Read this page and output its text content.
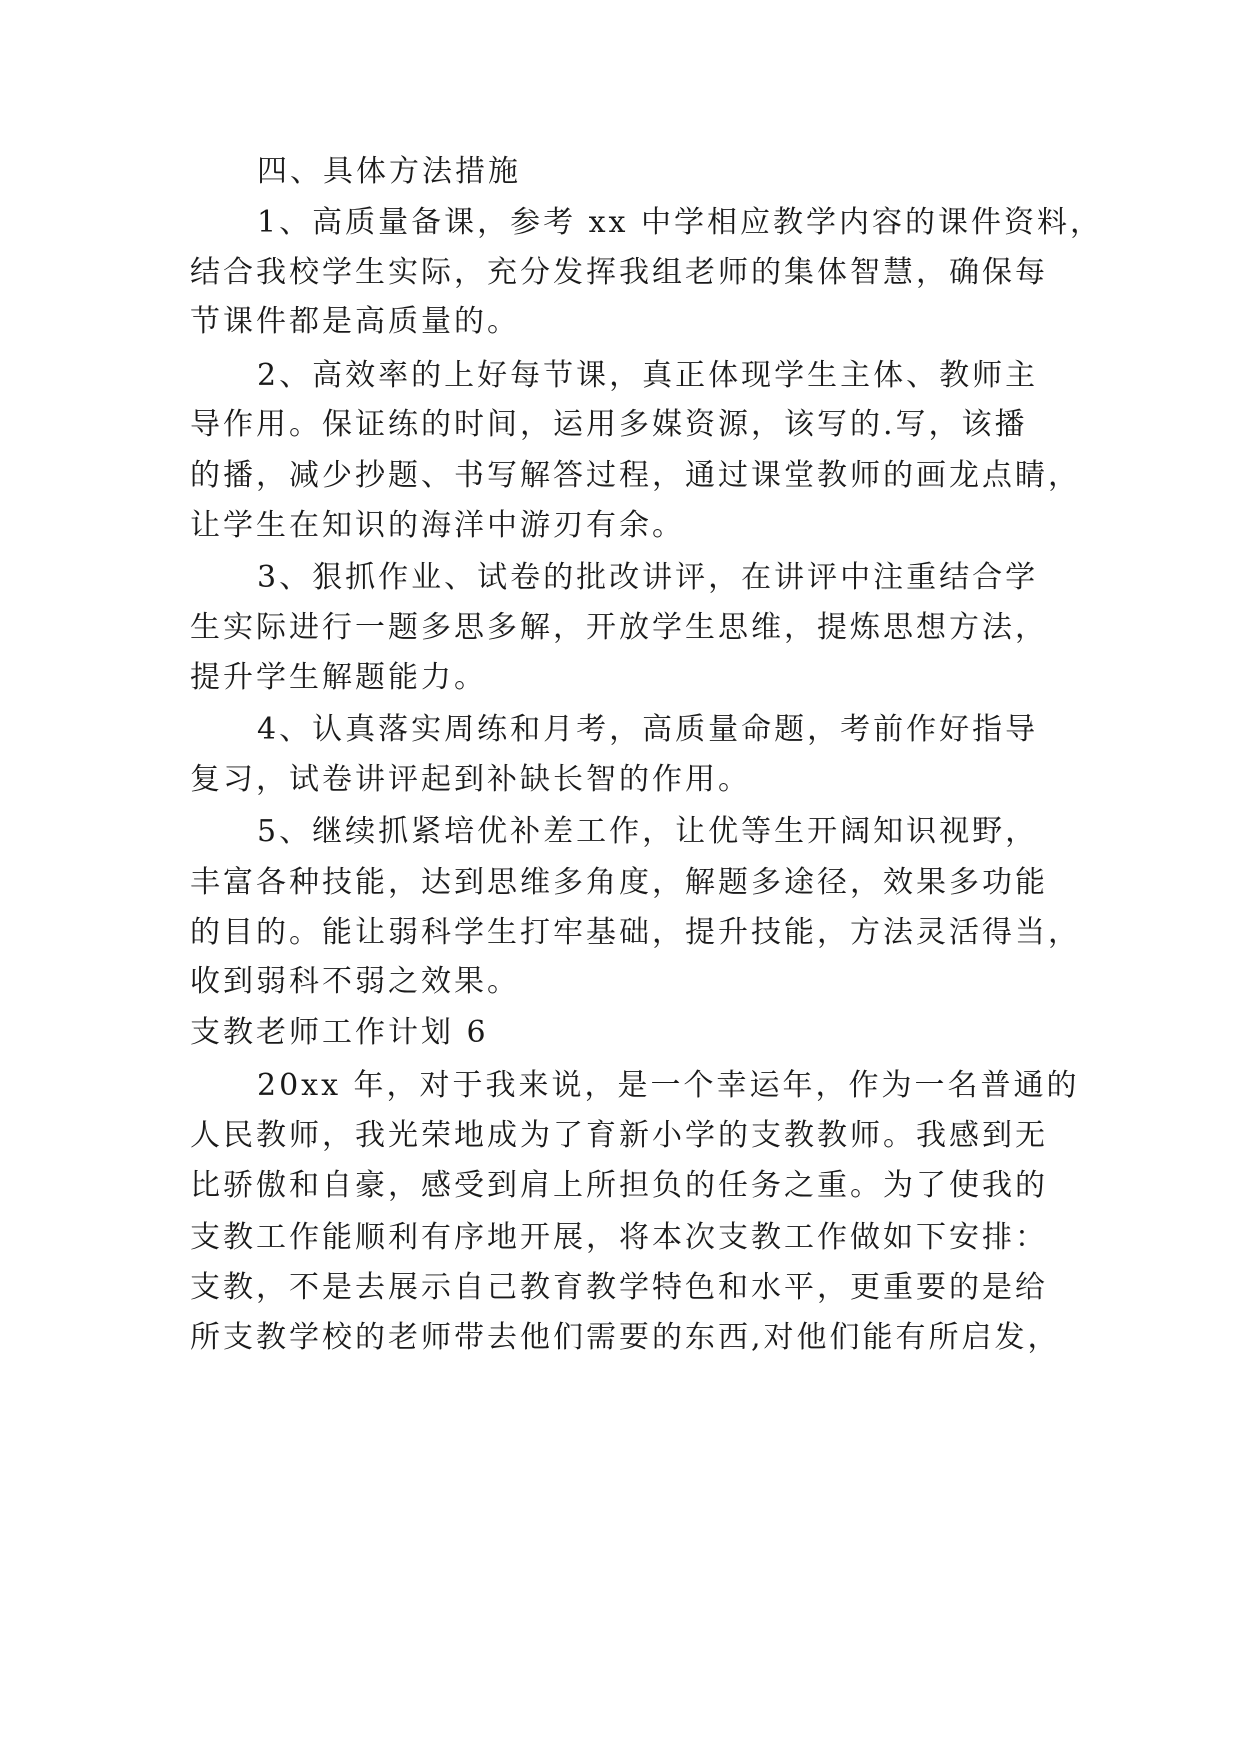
四、具体方法措施
1、高质量备课，参考 xx 中学相应教学内容的课件资料，
结合我校学生实际，充分发挥我组老师的集体智慧，确保每
节课件都是高质量的。
2、高效率的上好每节课，真正体现学生主体、教师主
导作用。保证练的时间，运用多媒资源，该写的.写，该播
的播，减少抄题、书写解答过程，通过课堂教师的画龙点睛，
让学生在知识的海洋中游刃有余。
3、狠抓作业、试卷的批改讲评，在讲评中注重结合学
生实际进行一题多思多解，开放学生思维，提炼思想方法，
提升学生解题能力。
4、认真落实周练和月考，高质量命题，考前作好指导
复习，试卷讲评起到补缺长智的作用。
5、继续抓紧培优补差工作，让优等生开阔知识视野，
丰富各种技能，达到思维多角度，解题多途径，效果多功能
的目的。能让弱科学生打牢基础，提升技能，方法灵活得当，
收到弱科不弱之效果。
支教老师工作计划 6
20xx 年，对于我来说，是一个幸运年，作为一名普通的
人民教师，我光荣地成为了育新小学的支教教师。我感到无
比骄傲和自豪，感受到肩上所担负的任务之重。为了使我的
支教工作能顺利有序地开展，将本次支教工作做如下安排：
支教，不是去展示自己教育教学特色和水平，更重要的是给
所支教学校的老师带去他们需要的东西,对他们能有所启发，
